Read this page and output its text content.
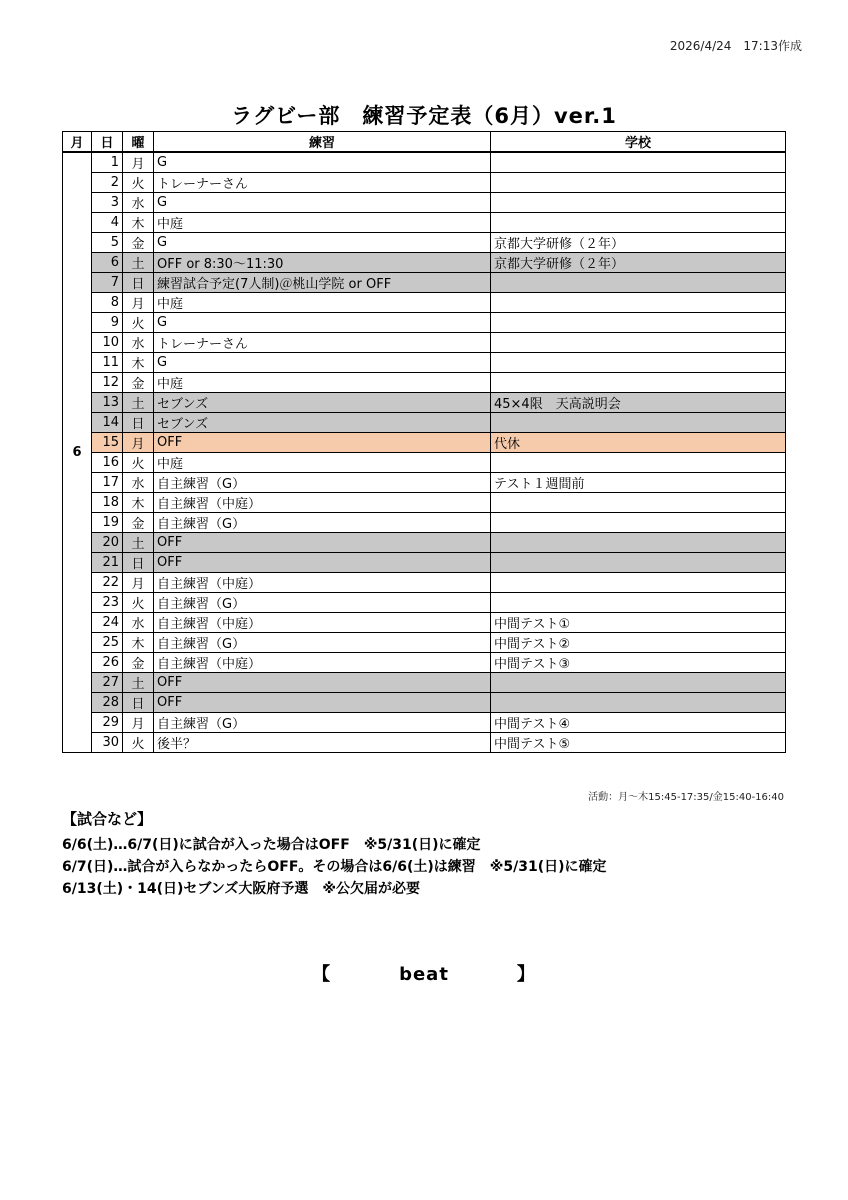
2026/4/24　17:13作成
ラグビー部　練習予定表（6月）ver.1
月	日	曜	練習	学校
6	1	月	G	
	2	火	トレーナーさん	
	3	水	G	
	4	木	中庭	
	5	金	G	京都大学研修（２年）
	6	土	OFF or 8:30～11:30	京都大学研修（２年）
	7	日	練習試合予定(7人制)＠桃山学院 or OFF	
	8	月	中庭	
	9	火	G	
	10	水	トレーナーさん	
	11	木	G	
	12	金	中庭	
	13	土	セブンズ	45×4限　天高説明会
	14	日	セブンズ	
	15	月	OFF	代休
	16	火	中庭	
	17	水	自主練習（G）	テスト１週間前
	18	木	自主練習（中庭）	
	19	金	自主練習（G）	
	20	土	OFF	
	21	日	OFF	
	22	月	自主練習（中庭）	
	23	火	自主練習（G）	
	24	水	自主練習（中庭）	中間テスト①
	25	木	自主練習（G）	中間テスト②
	26	金	自主練習（中庭）	中間テスト③
	27	土	OFF	
	28	日	OFF	
	29	月	自主練習（G）	中間テスト④
	30	火	後半？	中間テスト⑤
活動：月～木15:45-17:35/金15:40-16:40
【試合など】
6/6(土)…6/7(日)に試合が入った場合はOFF　※5/31(日)に確定
6/7(日)…試合が入らなかったらOFF。その場合は6/6(土)は練習　※5/31(日)に確定
6/13(土)・14(日)セブンズ大阪府予選　※公欠届が必要
【	beat	】
